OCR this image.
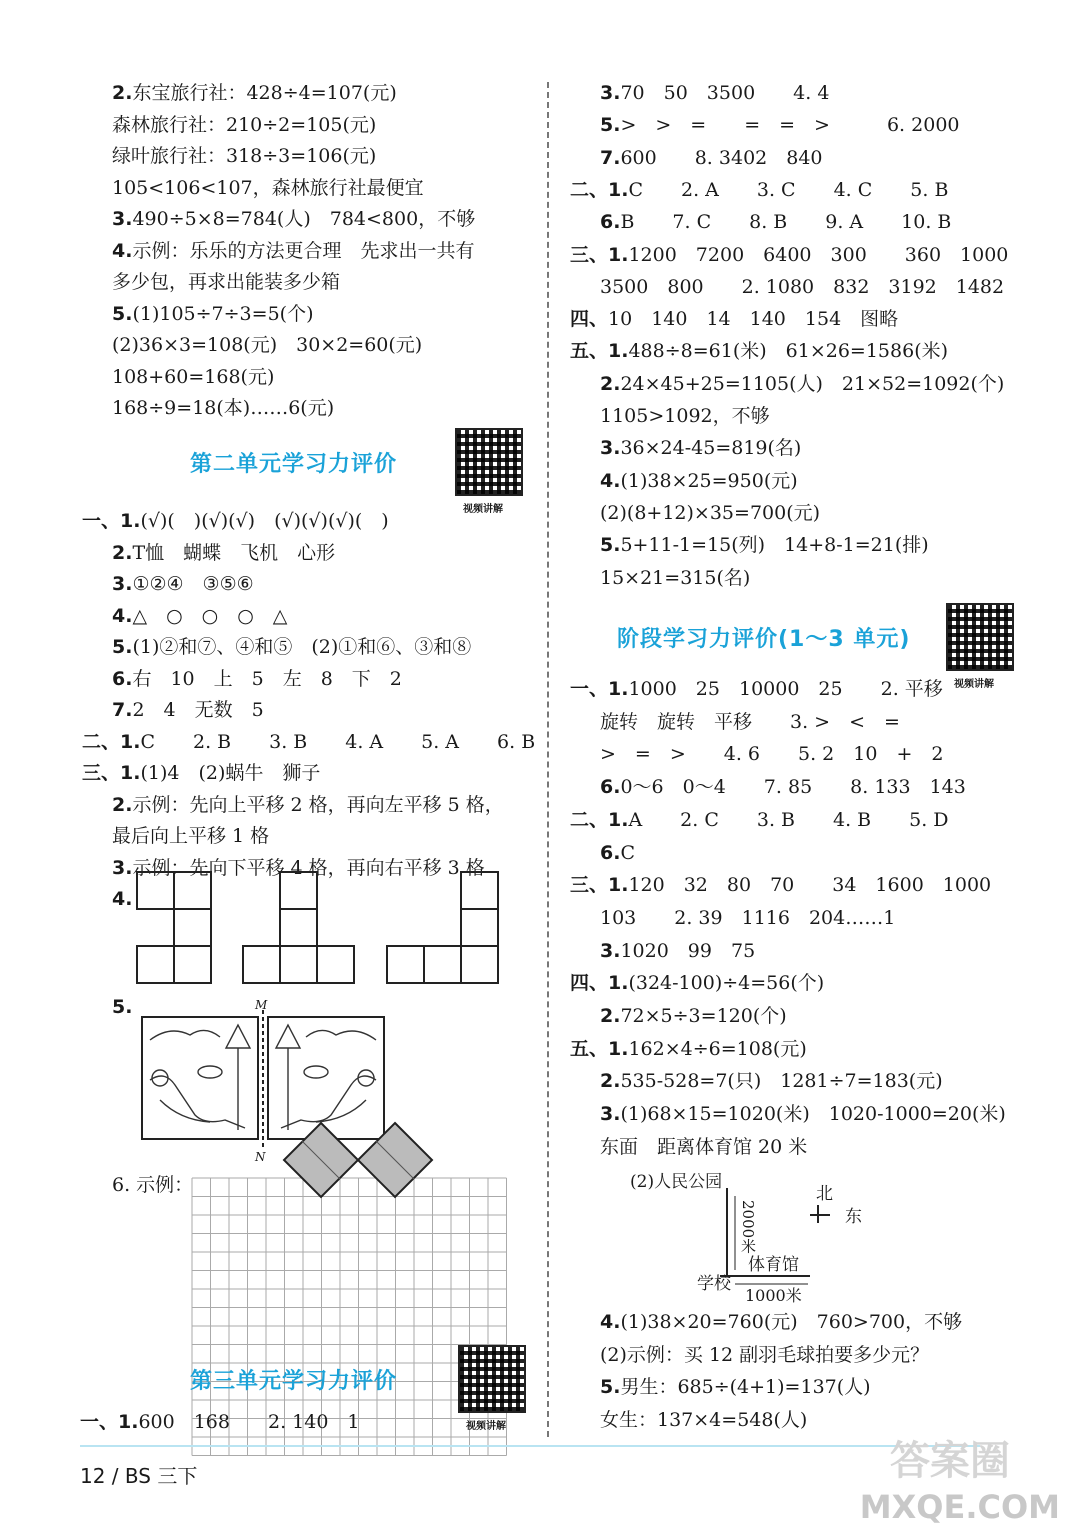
2.东宝旅行社：428÷4=107(元)
森林旅行社：210÷2=105(元)
绿叶旅行社：318÷3=106(元)
105<106<107，森林旅行社最便宜
3.490÷5×8=784(人)　784<800，不够
4.示例：乐乐的方法更合理　先求出一共有
多少包，再求出能装多少箱
5.(1)105÷7÷3=5(个)
(2)36×3=108(元)　30×2=60(元)
108+60=168(元)
168÷9=18(本)……6(元)
第二单元学习力评价
视频讲解
一、1.(√)(　)(√)(√)　(√)(√)(√)(　)
2.T恤　蝴蝶　飞机　心形
3.①②④　③⑤⑥
4.△　○　○　○　△
5.(1)②和⑦、④和⑤　(2)①和⑥、③和⑧
6.右　10　上　5　左　8　下　2
7.2　4　无数　5
二、1.C　　2. B　　3. B　　4. A　　5. A　　6. B
三、1.(1)4　(2)蜗牛　狮子
2.示例：先向上平移 2 格，再向左平移 5 格，
最后向上平移 1 格
3.示例：先向下平移 4 格，再向右平移 3 格
4.
5.	M
N
6. 示例：
第三单元学习力评价
视频讲解
一、1.600　168　　2. 140　1
3.70　50　3500　　4. 4
5.>　>　=　　=　=　>　　　6. 2000
7.600　　8. 3402　840
二、1.C　　2. A　　3. C　　4. C　　5. B
6.B　　7. C　　8. B　　9. A　　10. B
三、1.1200　7200　6400　300　　360　1000
3500　800　　2. 1080　832　3192　1482
四、10　140　14　140　154　图略
五、1.488÷8=61(米)　61×26=1586(米)
2.24×45+25=1105(人)　21×52=1092(个)
1105>1092，不够
3.36×24-45=819(名)
4.(1)38×25=950(元)
(2)(8+12)×35=700(元)
5.5+11-1=15(列)　14+8-1=21(排)
15×21=315(名)
阶段学习力评价(1～3 单元)
视频讲解
一、1.1000　25　10000　25　　2. 平移
旋转　旋转　平移　　3. >　<　=
>　=　>　　4. 6　　5. 2　10　+　2
6.0～6　0～4　　7. 85　　8. 133　143
二、1.A　　2. C　　3. B　　4. B　　5. D
6.C
三、1.120　32　80　70　　34　1600　1000
103　　2. 39　1116　204……1
3.1020　99　75
四、1.(324-100)÷4=56(个)
2.72×5÷3=120(个)
五、1.162×4÷6=108(元)
2.535-528=7(只)　1281÷7=183(元)
3.(1)68×15=1020(米)　1020-1000=20(米)
东面　距离体育馆 20 米
(2)人民公园
北
东
2000米
体育馆
学校
1000米
4.(1)38×20=760(元)　760>700，不够
(2)示例：买 12 副羽毛球拍要多少元？
5.男生：685÷(4+1)=137(人)
女生：137×4=548(人)
12 / BS 三下	答案圈
MXQE.COM
